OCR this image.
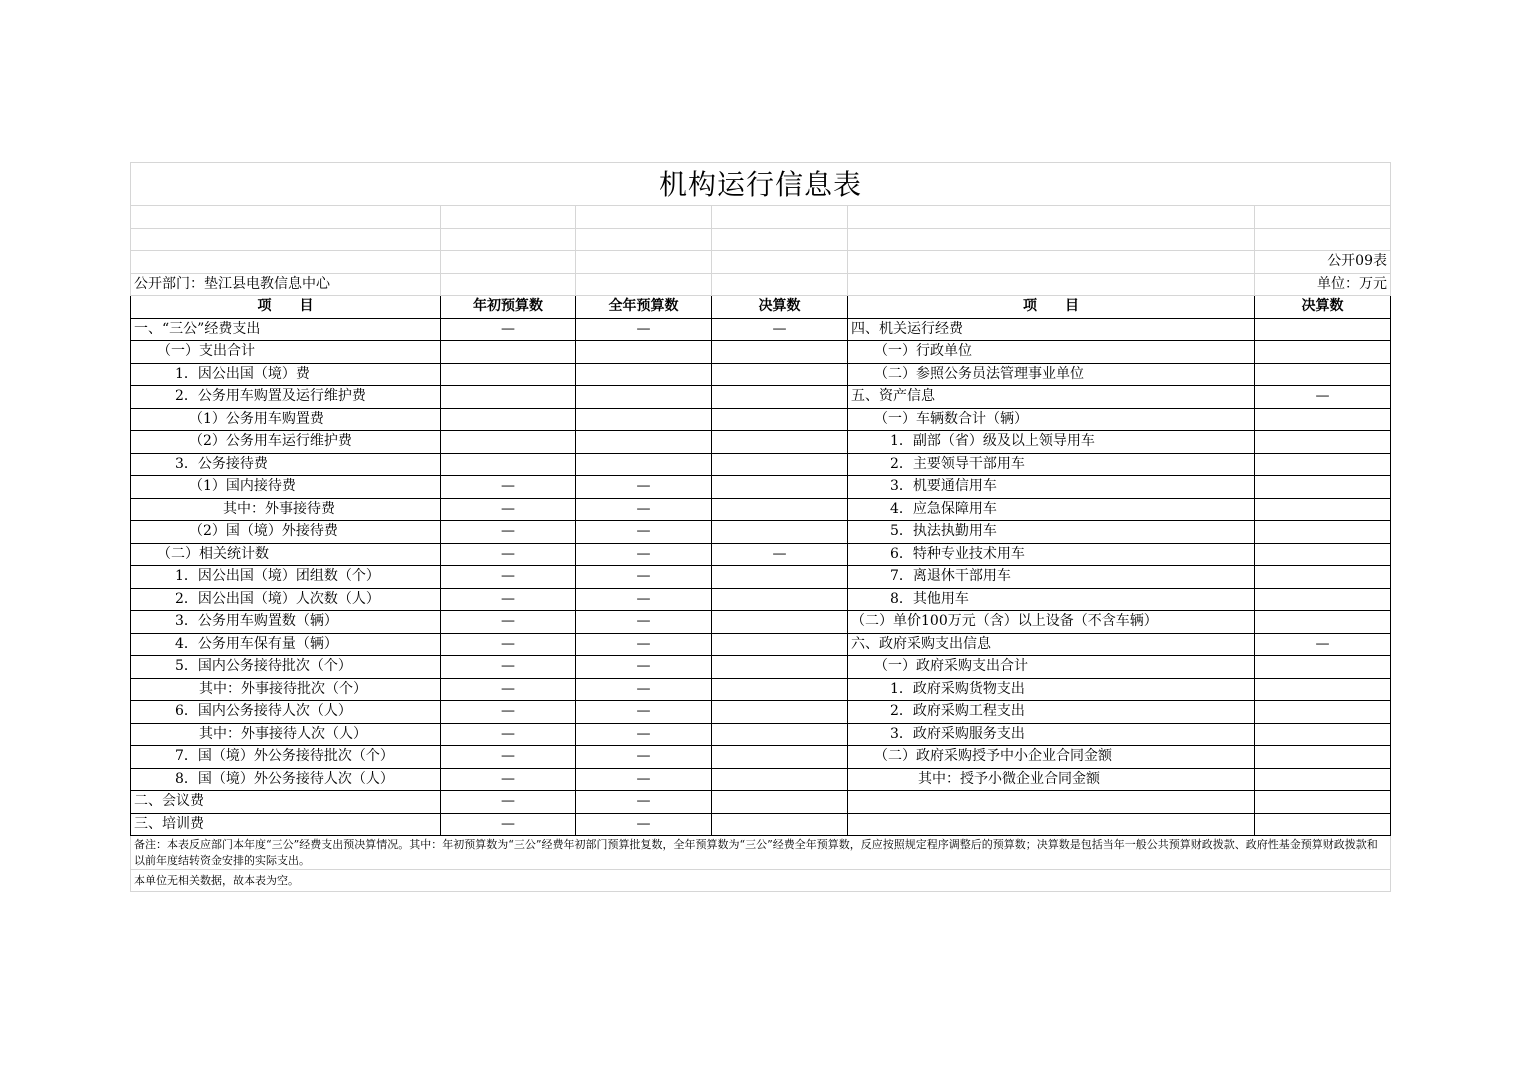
机构运行信息表					

					公开09表
公开部门：垫江县电教信息中心					单位：万元
项　　目	年初预算数	全年预算数	决算数	项　　目	决算数
一、“三公”经费支出	—	—	—	四、机关运行经费	
（一）支出合计				（一）行政单位	
1．因公出国（境）费				（二）参照公务员法管理事业单位	
2．公务用车购置及运行维护费				五、资产信息	—
（1）公务用车购置费				（一）车辆数合计（辆）	
（2）公务用车运行维护费				1．副部（省）级及以上领导用车	
3．公务接待费				2．主要领导干部用车	
（1）国内接待费	—	—		3．机要通信用车	
其中：外事接待费	—	—		4．应急保障用车	
（2）国（境）外接待费	—	—		5．执法执勤用车	
（二）相关统计数	—	—	—	6．特种专业技术用车	
1．因公出国（境）团组数（个）	—	—		7．离退休干部用车	
2．因公出国（境）人次数（人）	—	—		8．其他用车	
3．公务用车购置数（辆）	—	—		（二）单价100万元（含）以上设备（不含车辆）	
4．公务用车保有量（辆）	—	—		六、政府采购支出信息	—
5．国内公务接待批次（个）	—	—		（一）政府采购支出合计	
其中：外事接待批次（个）	—	—		1．政府采购货物支出	
6．国内公务接待人次（人）	—	—		2．政府采购工程支出	
其中：外事接待人次（人）	—	—		3．政府采购服务支出	
7．国（境）外公务接待批次（个）	—	—		（二）政府采购授予中小企业合同金额	
8．国（境）外公务接待人次（人）	—	—		其中：授予小微企业合同金额	
二、会议费	—	—			
三、培训费	—	—			
备注：本表反应部门本年度“三公”经费支出预决算情况。其中：年初预算数为“三公”经费年初部门预算批复数，全年预算数为“三公”经费全年预算数，反应按照规定程序调整后的预算数；决算数是包括当年一般公共预算财政拨款、政府性基金预算财政拨款和以前年度结转资金安排的实际支出。					
本单位无相关数据，故本表为空。					
